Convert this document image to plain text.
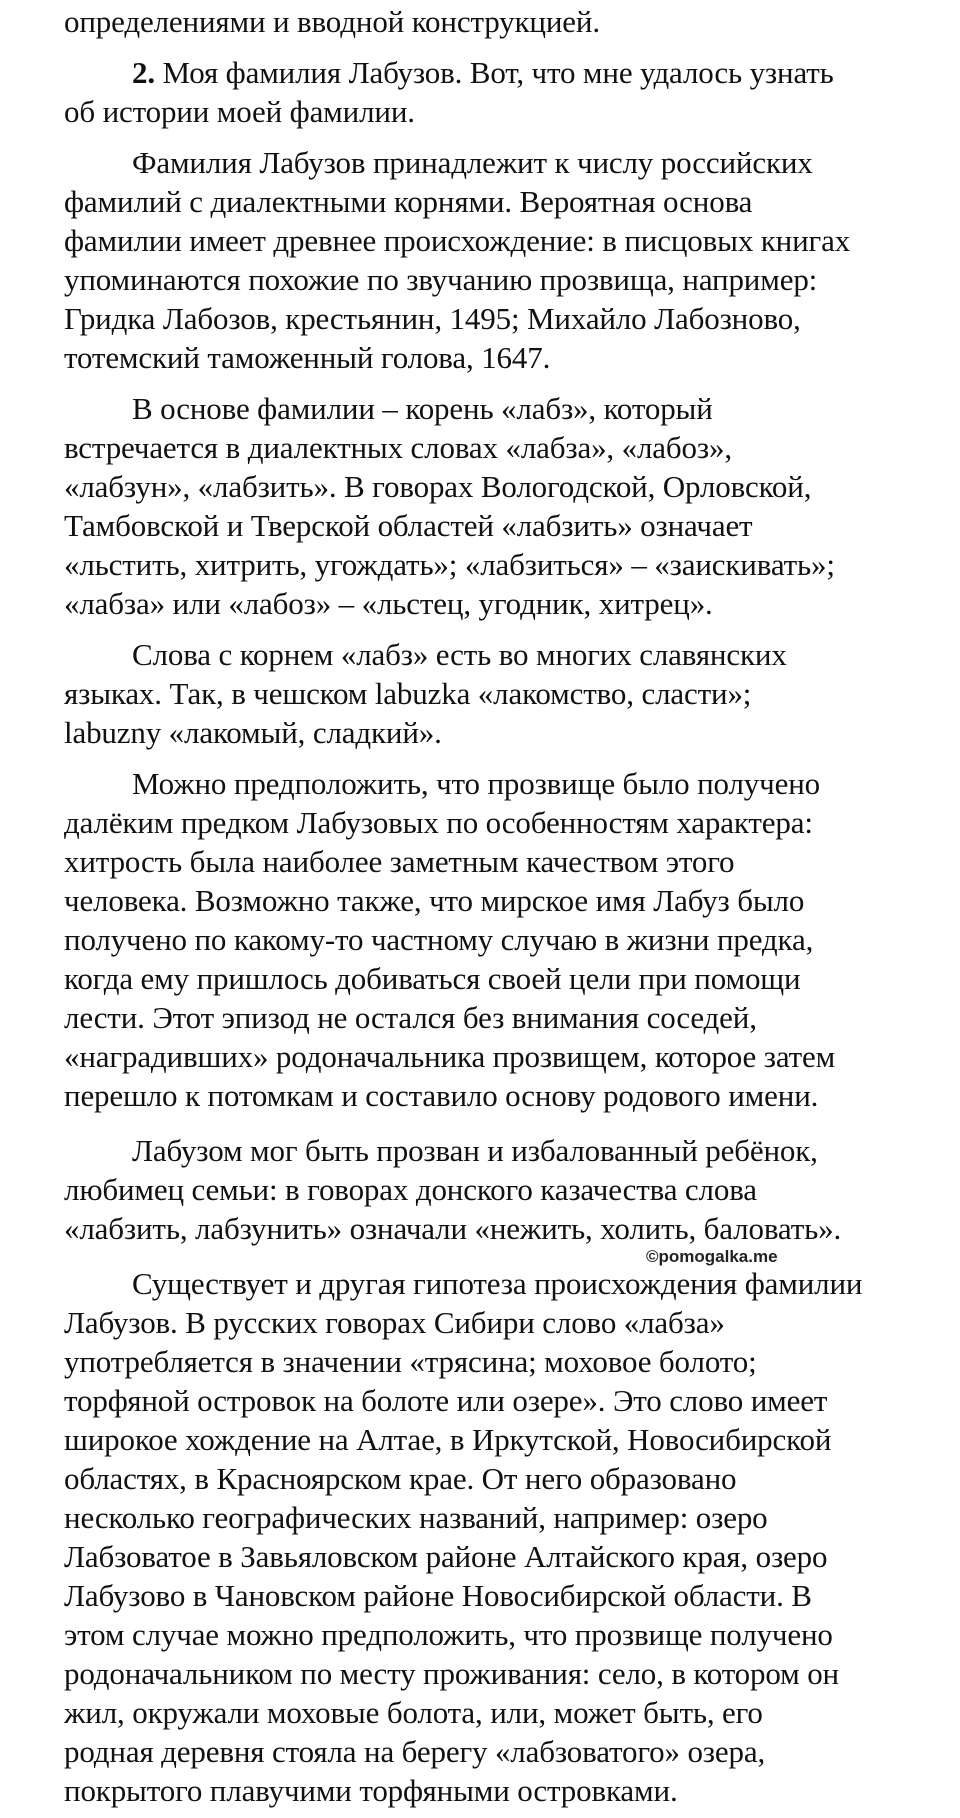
определениями и вводной конструкцией.
2. Моя фамилия Лабузов. Вот, что мне удалось узнать
об истории моей фамилии.
Фамилия Лабузов принадлежит к числу российских
фамилий с диалектными корнями. Вероятная основа
фамилии имеет древнее происхождение: в писцовых книгах
упоминаются похожие по звучанию прозвища, например:
Гридка Лабозов, крестьянин, 1495; Михайло Лабозново,
тотемский таможенный голова, 1647.
В основе фамилии – корень «лабз», который
встречается в диалектных словах «лабза», «лабоз»,
«лабзун», «лабзить». В говорах Вологодской, Орловской,
Тамбовской и Тверской областей «лабзить» означает
«льстить, хитрить, угождать»; «лабзиться» – «заискивать»;
«лабза» или «лабоз» – «льстец, угодник, хитрец».
Слова с корнем «лабз» есть во многих славянских
языках. Так, в чешском labuzka «лакомство, сласти»;
labuzny «лакомый, сладкий».
Можно предположить, что прозвище было получено
далёким предком Лабузовых по особенностям характера:
хитрость была наиболее заметным качеством этого
человека. Возможно также, что мирское имя Лабуз было
получено по какому-то частному случаю в жизни предка,
когда ему пришлось добиваться своей цели при помощи
лести. Этот эпизод не остался без внимания соседей,
«наградивших» родоначальника прозвищем, которое затем
перешло к потомкам и составило основу родового имени.
Лабузом мог быть прозван и избалованный ребёнок,
любимец семьи: в говорах донского казачества слова
«лабзить, лабзунить» означали «нежить, холить, баловать».
Существует и другая гипотеза происхождения фамилии
Лабузов. В русских говорах Сибири слово «лабза»
употребляется в значении «трясина; моховое болото;
торфяной островок на болоте или озере». Это слово имеет
широкое хождение на Алтае, в Иркутской, Новосибирской
областях, в Красноярском крае. От него образовано
несколько географических названий, например: озеро
Лабзоватое в Завьяловском районе Алтайского края, озеро
Лабузово в Чановском районе Новосибирской области. В
этом случае можно предположить, что прозвище получено
родоначальником по месту проживания: село, в котором он
жил, окружали моховые болота, или, может быть, его
родная деревня стояла на берегу «лабзоватого» озера,
покрытого плавучими торфяными островками.
©pomogalka.me
